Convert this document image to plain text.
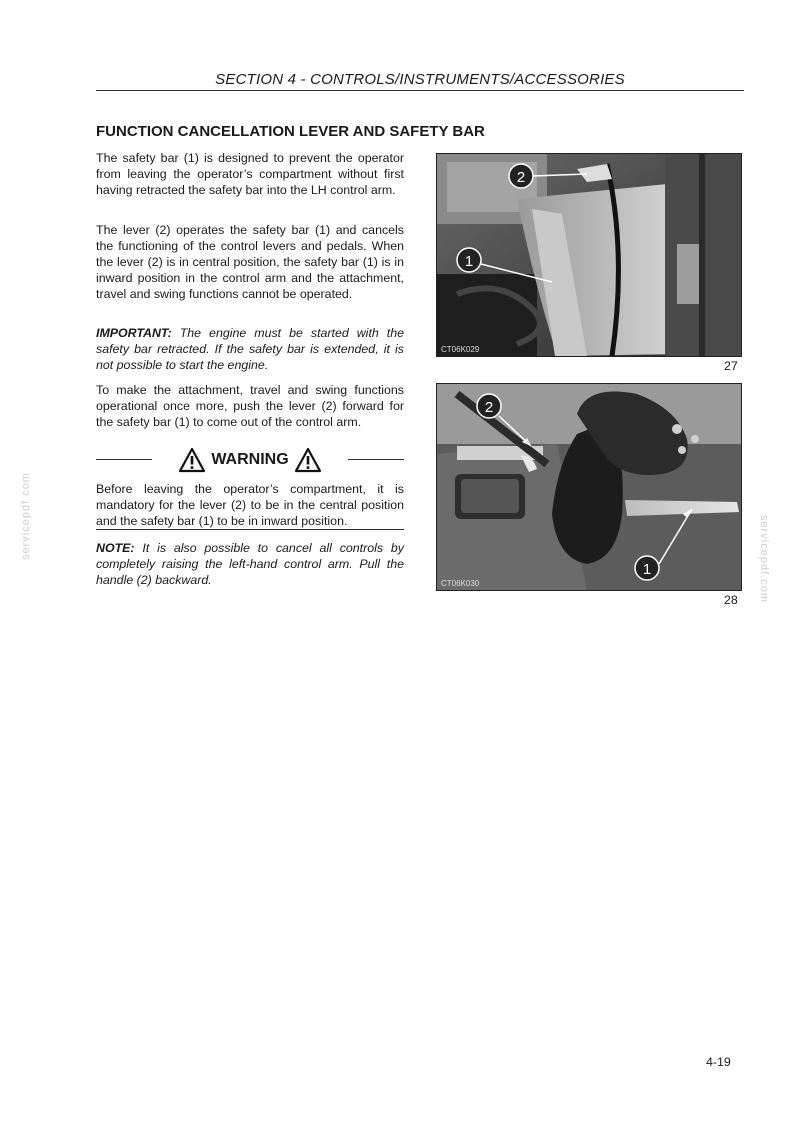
SECTION 4 - CONTROLS/INSTRUMENTS/ACCESSORIES
FUNCTION CANCELLATION LEVER AND SAFETY BAR

The safety bar (1) is designed to prevent the operator from leaving the operator’s compartment without first having retracted the safety bar into the LH control arm.

The lever (2) operates the safety bar (1) and cancels the functioning of the control levers and pedals. When the lever (2) is in central position, the safety bar (1) is in inward position in the control arm and the attachment, travel and swing functions cannot be operated.

IMPORTANT: The engine must be started with the safety bar retracted. If the safety bar is extended, it is not possible to start the engine.

To make the attachment, travel and swing functions operational once more, push the lever (2) forward for the safety bar (1) to come out of the control arm.

WARNING

Before leaving the operator’s compartment, it is mandatory for the lever (2) to be in the central position and the safety bar (1) to be in inward position.

NOTE: It is also possible to cancel all controls by completely raising the left-hand control arm. Pull the handle (2) backward.

2
1
CT06K029
27
2
1
CT06K030
28
4-19
servicepdf.com	servicepdf.com
